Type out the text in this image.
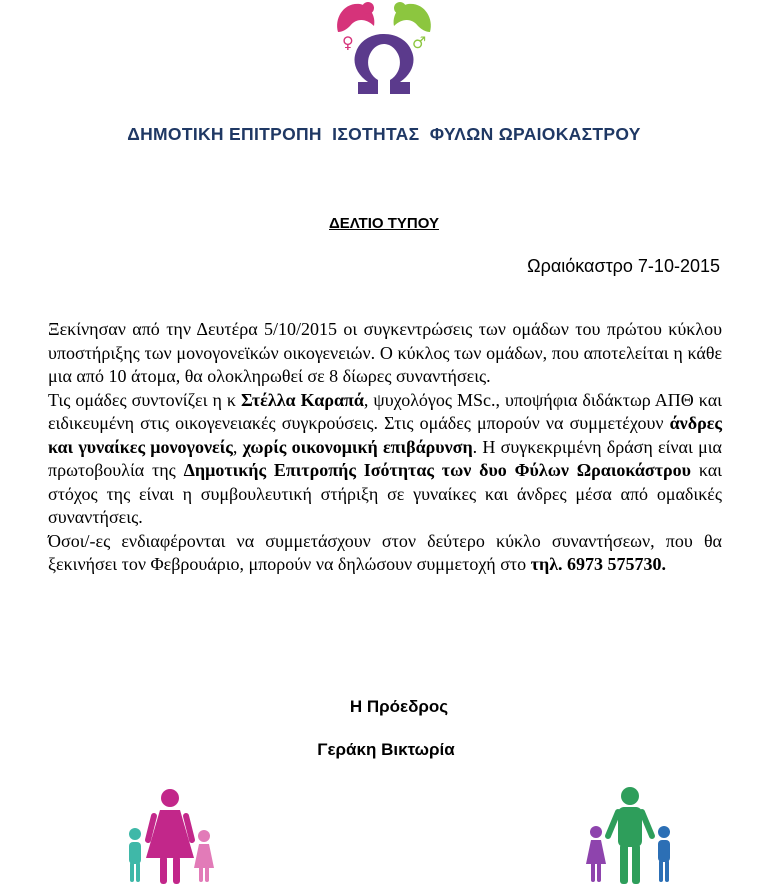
♀	♂
ΔΗΜΟΤΙΚΗ ΕΠΙΤΡΟΠΗ  ΙΣΟΤΗΤΑΣ  ΦΥΛΩΝ ΩΡΑΙΟΚΑΣΤΡΟΥ
ΔΕΛΤΙΟ ΤΥΠΟΥ
Ωραιόκαστρο 7-10-2015

Ξεκίνησαν από την Δευτέρα 5/10/2015 οι συγκεντρώσεις των ομάδων του πρώτου κύκλου υποστήριξης των μονογονεϊκών οικογενειών. Ο κύκλος των ομάδων, που αποτελείται η κάθε μια από 10 άτομα, θα ολοκληρωθεί σε 8 δίωρες συναντήσεις.

Τις ομάδες συντονίζει η κ Στέλλα Καραπά, ψυχολόγος MSc., υποψήφια διδάκτωρ ΑΠΘ και ειδικευμένη στις οικογενειακές συγκρούσεις. Στις ομάδες μπορούν να συμμετέχουν άνδρες και γυναίκες μονογονείς, χωρίς οικονομική επιβάρυνση. Η συγκεκριμένη δράση είναι μια πρωτοβουλία της Δημοτικής Επιτροπής Ισότητας των δυο Φύλων Ωραιοκάστρου και στόχος της είναι η συμβουλευτική στήριξη σε γυναίκες και άνδρες μέσα από ομαδικές συναντήσεις.

Όσοι/-ες ενδιαφέρονται να συμμετάσχουν στον δεύτερο κύκλο συναντήσεων, που θα ξεκινήσει τον Φεβρουάριο, μπορούν να δηλώσουν συμμετοχή στο τηλ. 6973 575730.

Η Πρόεδρος
Γεράκη Βικτωρία
